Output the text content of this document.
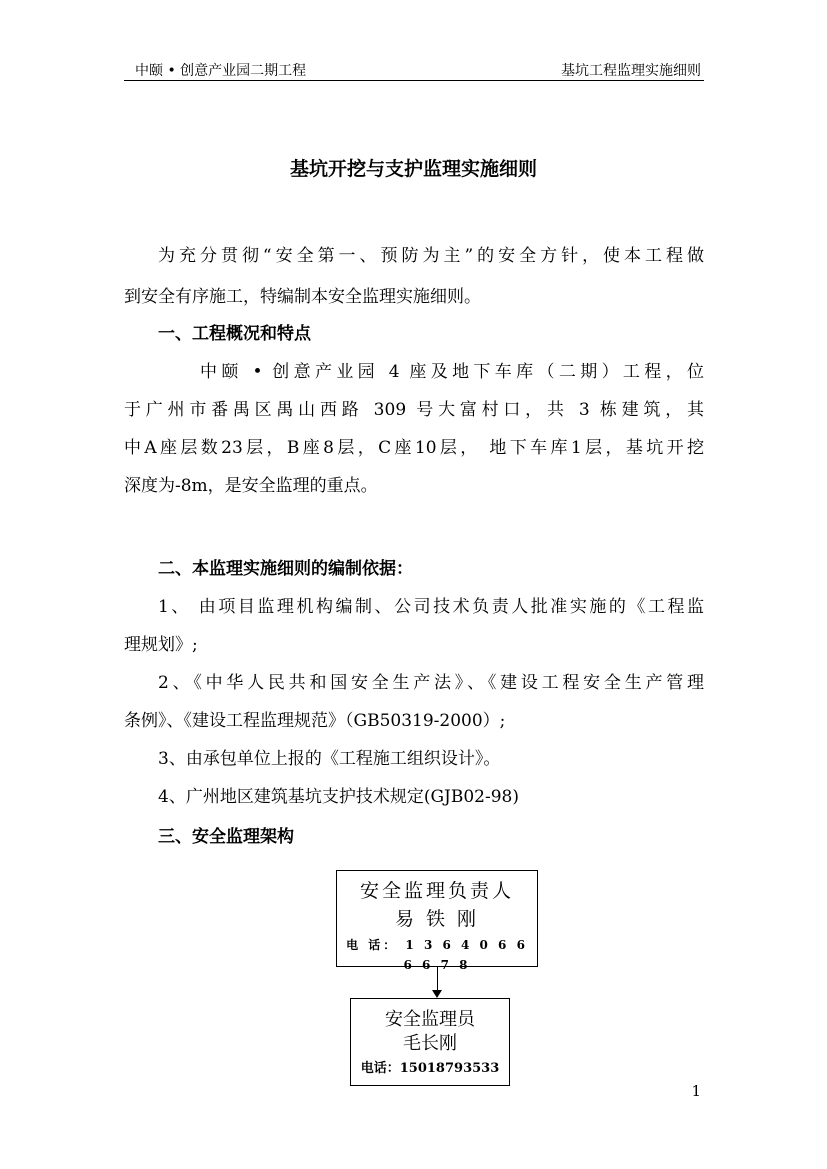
中颐 • 创意产业园二期工程	基坑工程监理实施细则
基坑开挖与支护监理实施细则

为充分贯彻“安全第一、预防为主”的安全方针，使本工程做

到安全有序施工，特编制本安全监理实施细则。

一、工程概况和特点

中颐 • 创意产业园 4 座及地下车库（二期）工程，位

于广州市番禺区禺山西路 309 号大富村口，共 3 栋建筑，其

中A座层数23层，B座8层，C座10层， 地下车库1层，基坑开挖

深度为-8m，是安全监理的重点。

二、本监理实施细则的编制依据：

1、 由项目监理机构编制、公司技术负责人批准实施的《工程监

理规划》;

2、《中华人民共和国安全生产法》、《建设工程安全生产管理

条例》、《建设工程监理规范》（GB50319-2000）;

3、由承包单位上报的《工程施工组织设计》。

4、广州地区建筑基坑支护技术规定(GJB02-98)

三、安全监理架构

安全监理负责人
易 铁 刚
电 话： 1 3 6 4 0 6 6 6 6 7 8
安全监理员
毛长刚
电话：15018793533
1
